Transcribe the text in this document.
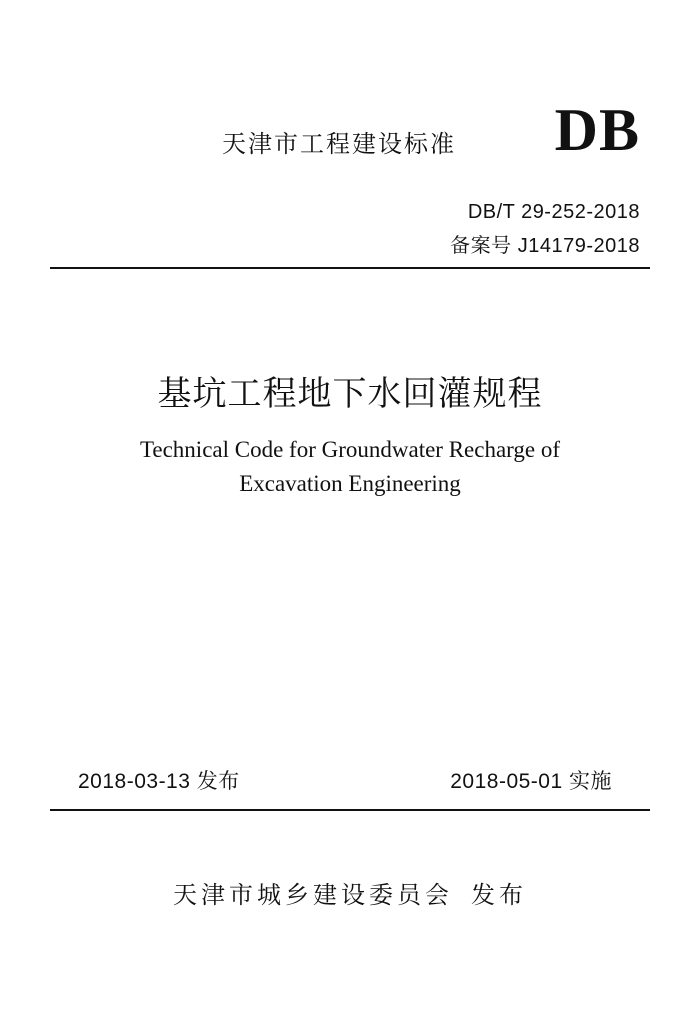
天津市工程建设标准 DB
DB/T 29-252-2018
备案号 J14179-2018
基坑工程地下水回灌规程
Technical Code for Groundwater Recharge of
Excavation Engineering
2018-03-13 发布	2018-05-01 实施
天津市城乡建设委员会 发布
